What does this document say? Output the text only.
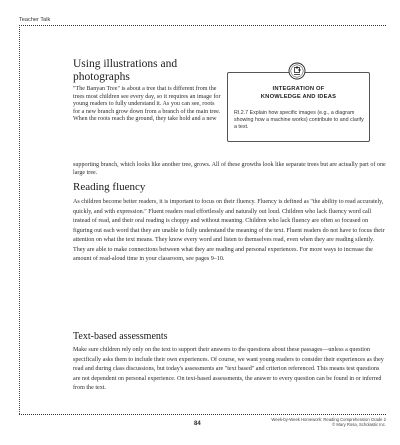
Teacher Talk
Using illustrations and photographs
"The Banyan Tree" is about a tree that is different from the trees most children see every day, so it requires an image for young readers to fully understand it. As you can see, roots for a new branch grow down from a branch of the main tree. When the roots reach the ground, they take hold and a new
supporting branch, which looks like another tree, grows. All of these growths look like separate trees but are actually part of one large tree.
INTEGRATION OF
KNOWLEDGE AND IDEAS
RI.2.7 Explain how specific images (e.g., a diagram showing how a machine works) contribute to and clarify a text.
Reading fluency
As children become better readers, it is important to focus on their fluency. Fluency is defined as "the ability to read accurately, quickly, and with expression." Fluent readers read effortlessly and naturally out loud. Children who lack fluency word call instead of read, and their oral reading is choppy and without meaning. Children who lack fluency are often so focused on figuring out each word that they are unable to fully understand the meaning of the text. Fluent readers do not have to focus their attention on what the text means. They know every word and listen to themselves read, even when they are reading silently. They are able to make connections between what they are reading and personal experiences. For more ways to increase the amount of read-aloud time in your classroom, see pages 9–10.
Text-based assessments
Make sure children rely only on the text to support their answers to the questions about these passages—unless a question specifically asks them to include their own experiences. Of course, we want young readers to consider their experiences as they read and during class discussions, but today's assessments are "text based" and criterion referenced. This means test questions are not dependent on personal experience. On text-based assessments, the answer to every question can be found in or inferred from the text.
84
Week-by-Week Homework: Reading Comprehension Grade 2
© Mary Rosa, Scholastic Inc.
